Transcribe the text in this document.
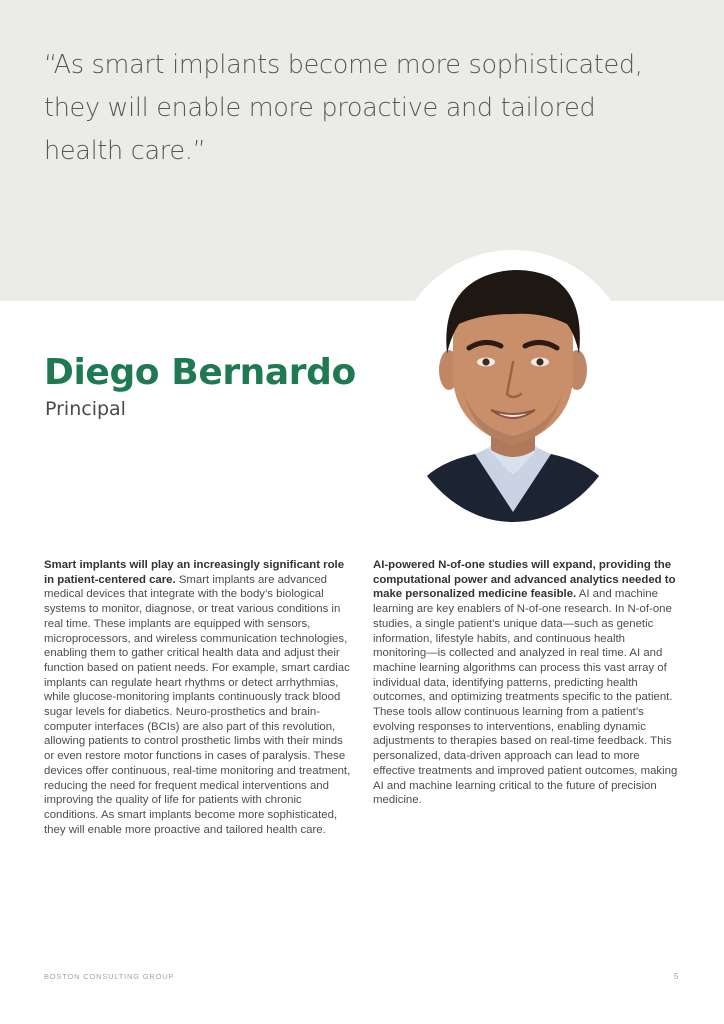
“As smart implants become more sophisticated, they will enable more proactive and tailored health care.”

Diego Bernardo

Principal

Smart implants will play an increasingly significant role in patient-centered care. Smart implants are advanced medical devices that integrate with the body’s biological systems to monitor, diagnose, or treat various conditions in real time. These implants are equipped with sensors, microprocessors, and wireless communication technologies, enabling them to gather critical health data and adjust their function based on patient needs. For example, smart cardiac implants can regulate heart rhythms or detect arrhythmias, while glucose-monitoring implants continuously track blood sugar levels for diabetics. Neuro-prosthetics and brain-computer interfaces (BCIs) are also part of this revolution, allowing patients to control prosthetic limbs with their minds or even restore motor functions in cases of paralysis. These devices offer continuous, real-time monitoring and treatment, reducing the need for frequent medical interventions and improving the quality of life for patients with chronic conditions. As smart implants become more sophisticated, they will enable more proactive and tailored health care.
AI-powered N-of-one studies will expand, providing the computational power and advanced analytics needed to make personalized medicine feasible. AI and machine learning are key enablers of N-of-one research. In N-of-one studies, a single patient’s unique data—such as genetic information, lifestyle habits, and continuous health monitoring—is collected and analyzed in real time. AI and machine learning algorithms can process this vast array of individual data, identifying patterns, predicting health outcomes, and optimizing treatments specific to the patient. These tools allow continuous learning from a patient’s evolving responses to interventions, enabling dynamic adjustments to therapies based on real-time feedback. This personalized, data-driven approach can lead to more effective treatments and improved patient outcomes, making AI and machine learning critical to the future of precision medicine.
BOSTON CONSULTING GROUP	5
